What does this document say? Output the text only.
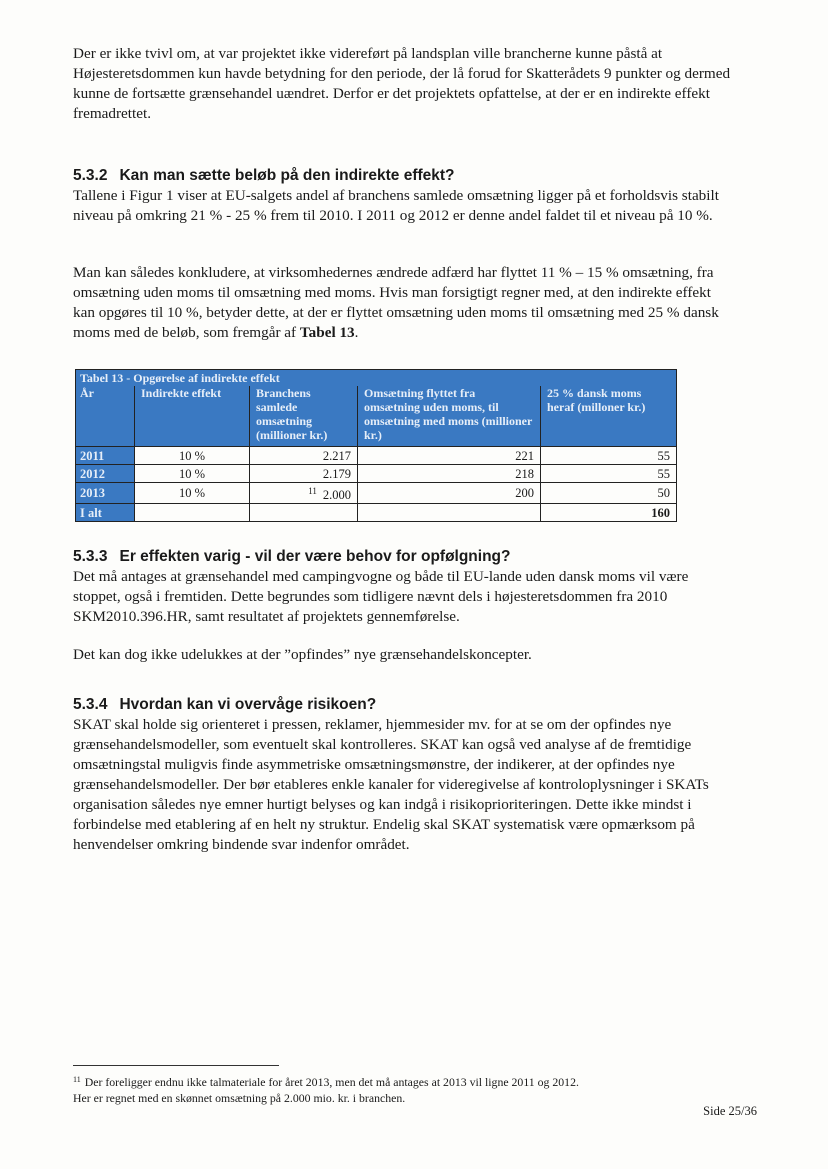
Der er ikke tvivl om, at var projektet ikke videreført på landsplan ville brancherne kunne påstå at Højesteretsdommen kun havde betydning for den periode, der lå forud for Skatterådets 9 punkter og dermed kunne de fortsætte grænsehandel uændret. Derfor er det projektets opfattelse, at der er en indirekte effekt fremadrettet.

5.3.2 Kan man sætte beløb på den indirekte effekt?

Tallene i Figur 1 viser at EU-salgets andel af branchens samlede omsætning ligger på et forholdsvis stabilt niveau på omkring 21 % - 25 % frem til 2010. I 2011 og 2012 er denne andel faldet til et niveau på 10 %.

Man kan således konkludere, at virksomhedernes ændrede adfærd har flyttet 11 % – 15 % omsætning, fra omsætning uden moms til omsætning med moms. Hvis man forsigtigt regner med, at den indirekte effekt kan opgøres til 10 %, betyder dette, at der er flyttet omsætning uden moms til omsætning med 25 % dansk moms med de beløb, som fremgår af Tabel 13.

Tabel 13 - Opgørelse af indirekte effekt				
År	Indirekte effekt	Branchens samlede omsætning (millioner kr.)	Omsætning flyttet fra omsætning uden moms, til omsætning med moms (millioner kr.)	25 % dansk moms heraf (milloner kr.)
2011	10 %	2.217	221	55
2012	10 %	2.179	218	55
2013	10 %	$^{11}$ 2.000	200	50
I alt				160
5.3.3 Er effekten varig - vil der være behov for opfølgning?

Det må antages at grænsehandel med campingvogne og både til EU-lande uden dansk moms vil være stoppet, også i fremtiden. Dette begrundes som tidligere nævnt dels i højesteretsdommen fra 2010 SKM2010.396.HR, samt resultatet af projektets gennemførelse.

Det kan dog ikke udelukkes at der ”opfindes” nye grænsehandelskoncepter.

5.3.4 Hvordan kan vi overvåge risikoen?

SKAT skal holde sig orienteret i pressen, reklamer, hjemmesider mv. for at se om der opfindes nye grænsehandelsmodeller, som eventuelt skal kontrolleres. SKAT kan også ved analyse af de fremtidige omsætningstal muligvis finde asymmetriske omsætningsmønstre, der indikerer, at der opfindes nye grænsehandelsmodeller. Der bør etableres enkle kanaler for videregivelse af kontroloplysninger i SKATs organisation således nye emner hurtigt belyses og kan indgå i risikoprioriteringen. Dette ikke mindst i forbindelse med etablering af en helt ny struktur. Endelig skal SKAT systematisk være opmærksom på henvendelser omkring bindende svar indenfor området.

$^{11}$ Der foreligger endnu ikke talmateriale for året 2013, men det må antages at 2013 vil ligne 2011 og 2012.
Her er regnet med en skønnet omsætning på 2.000 mio. kr. i branchen.

Side 25/36
